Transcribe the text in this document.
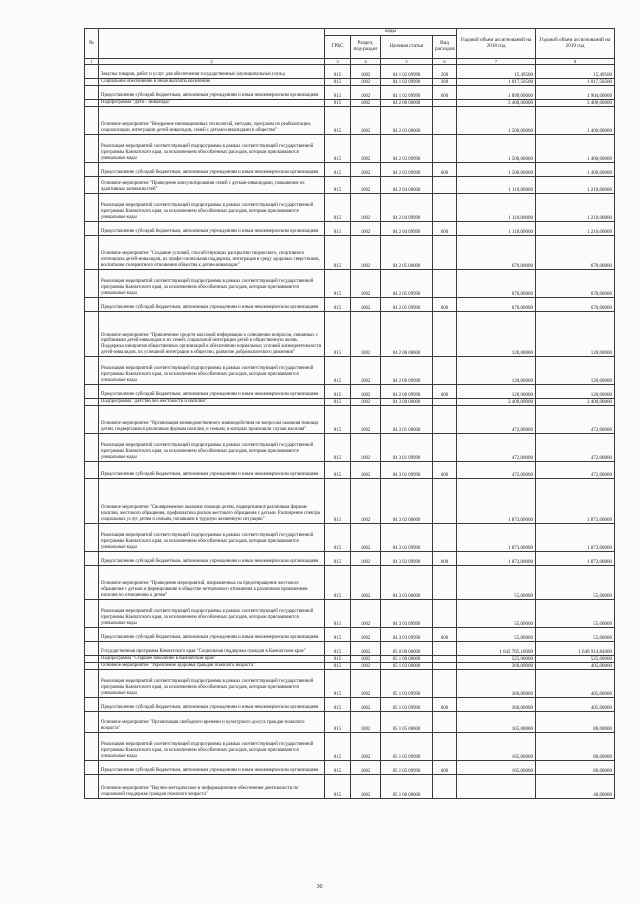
№		коды				Годовой объем ассигнований на 2018 год	Годовой объем ассигнований на 2019 год
		ГРБС	Раздел, под-раздел	Целевая статья	Вид расходов		
1	2	3	4	5	6	7	8
	Закупка товаров, работ и услуг для обеспечения государственных (муниципальных) нужд	815	1002	04 1 02 09990	200	15,49500	15,49500
	Социальное обеспечение и иные выплаты населению	815	1002	04 1 02 09990	300	1 017,50500	1 017,50500
	Предоставление субсидий бюджетным, автономным учреждениям и иным некоммерческим организациям	815	1002	04 1 02 09990	600	1 899,00000	1 904,00000
	Подпрограмма "Дети - инвалиды"	815	1002	04 2 00 00000		3 400,00000	3 400,00000
	Основное мероприятие "Внедрение инновационных технологий, методик, программ по реабилитации, социализации, интеграции детей-инвалидов, семей с детьми-инвалидами в общество"	815	1002	04 2 03 00000		1 500,00000	1 400,00000
	Реализация мероприятий соответствующей подпрограммы в рамках соответствующей государственной программы Камчатского края, за исключением обособленных расходов, которым присваиваются уникальные коды	815	1002	04 2 03 09990		1 500,00000	1 400,00000
	Предоставление субсидий бюджетным, автономным учреждениям и иным некоммерческим организациям	815	1002	04 2 03 09990	600	1 500,00000	1 400,00000
	Основное мероприятие "Проведение консультирования семей с детьми-инвалидами, повышение их адаптивных возможностей"	815	1002	04 2 04 00000		1 110,00000	1 210,00000
	Реализация мероприятий соответствующей подпрограммы в рамках соответствующей государственной программы Камчатского края, за исключением обособленных расходов, которым присваиваются уникальные коды	815	1002	04 2 04 09990		1 110,00000	1 210,00000
	Предоставление субсидий бюджетным, автономным учреждениям и иным некоммерческим организациям	815	1002	04 2 04 09990	600	1 110,00000	1 210,00000
	Основное мероприятие "Создание условий, способствующих раскрытию творческого, спортивного потенциала детей-инвалидов, их профессиональная поддержка, интеграция в среду здоровых сверстников, воспитание толерантного отношения общества к детям-инвалидам"	815	1002	04 2 05 00000		670,00000	670,00000
	Реализация мероприятий соответствующей подпрограммы в рамках соответствующей государственной программы Камчатского края, за исключением обособленных расходов, которым присваиваются уникальные коды	815	1002	04 2 05 09990		670,00000	670,00000
	Предоставление субсидий бюджетным, автономным учреждениям и иным некоммерческим организациям	815	1002	04 2 05 09990	600	670,00000	670,00000
	Основное мероприятие "Привлечение средств массовой информации к освещению вопросов, связанных с проблемами детей-инвалидов и их семей, социальной интеграции детей в общественную жизнь. Поддержка инициатив общественных организаций в обеспечении нормальных условий жизнедеятельности детей-инвалидов, их успешной интеграции в общество, развитие добровольческого движения"	815	1002	04 2 06 00000		120,00000	120,00000
	Реализация мероприятий соответствующей подпрограммы в рамках соответствующей государственной программы Камчатского края, за исключением обособленных расходов, которым присваиваются уникальные коды	815	1002	04 2 06 09990		120,00000	120,00000
	Предоставление субсидий бюджетным, автономным учреждениям и иным некоммерческим организациям	815	1002	04 2 06 09990	600	120,00000	120,00000
	Подпрограмма "Детство без жестокости и насилия"	815	1002	04 3 00 00000		2 400,00000	2 400,00000
	Основное мероприятие "Организация межведомственного взаимодействия по вопросам оказания помощи детям, подвергшимся различным формам насилия, и семьям, в которых произошли случаи насилия"	815	1002	04 3 01 00000		472,00000	472,00000
	Реализация мероприятий соответствующей подпрограммы в рамках соответствующей государственной программы Камчатского края, за исключением обособленных расходов, которым присваиваются уникальные коды	815	1002	04 3 01 09990		472,00000	472,00000
	Предоставление субсидий бюджетным, автономным учреждениям и иным некоммерческим организациям	815	1002	04 3 01 09990	600	472,00000	472,00000
	Основное мероприятие "Своевременное оказание помощи детям, подвергшимся различным формам насилия, жестокого обращения, профилактика рисков жестокого обращения с детьми. Расширение спектра социальных услуг детям и семьям, попавшим в трудную жизненную ситуацию"	815	1002	04 3 02 00000		1 873,00000	1 873,00000
	Реализация мероприятий соответствующей подпрограммы в рамках соответствующей государственной программы Камчатского края, за исключением обособленных расходов, которым присваиваются уникальные коды	815	1002	04 3 02 09990		1 873,00000	1 873,00000
	Предоставление субсидий бюджетным, автономным учреждениям и иным некоммерческим организациям	815	1002	04 3 02 09990	600	1 873,00000	1 873,00000
	Основное мероприятие "Проведение мероприятий, направленных на предотвращение жестокого обращения с детьми и формирование в обществе нетерпимого отношения к различным проявлениям насилия по отношению к детям"	815	1002	04 3 03 00000		55,00000	55,00000
	Реализация мероприятий соответствующей подпрограммы в рамках соответствующей государственной программы Камчатского края, за исключением обособленных расходов, которым присваиваются уникальные коды	815	1002	04 3 03 09990		55,00000	55,00000
	Предоставление субсидий бюджетным, автономным учреждениям и иным некоммерческим организациям	815	1002	04 3 03 09990	600	55,00000	55,00000
	Государственная программа Камчатского края "Социальная поддержка граждан в Камчатском крае"	815	1002	05 0 00 00000		1 642 705,18000	1 649 914,84000
	Подпрограмма "Старшее поколение в Камчатском крае"	815	1002	05 1 00 00000		525,00000	525,00000
	Основное мероприятие "Укрепление здоровья граждан пожилого возраста"	815	1002	05 1 03 00000		360,00000	405,00000
	Реализация мероприятий соответствующей подпрограммы в рамках соответствующей государственной программы Камчатского края, за исключением обособленных расходов, которым присваиваются уникальные коды	815	1002	05 1 03 09990		360,00000	405,00000
	Предоставление субсидий бюджетным, автономным учреждениям и иным некоммерческим организациям	815	1002	05 1 03 09990	600	360,00000	405,00000
	Основное мероприятие "Организация свободного времени и культурного досуга граждан пожилого возраста"	815	1002	05 1 05 00000		165,00000	80,00000
	Реализация мероприятий соответствующей подпрограммы в рамках соответствующей государственной программы Камчатского края, за исключением обособленных расходов, которым присваиваются уникальные коды	815	1002	05 1 05 09990		165,00000	80,00000
	Предоставление субсидий бюджетным, автономным учреждениям и иным некоммерческим организациям	815	1002	05 1 05 09990	600	165,00000	80,00000
	Основное мероприятие "Научно-методическое и информационное обеспечение деятельности по социальной поддержке граждан пожилого возраста"	815	1002	05 1 06 00000			40,00000
30
